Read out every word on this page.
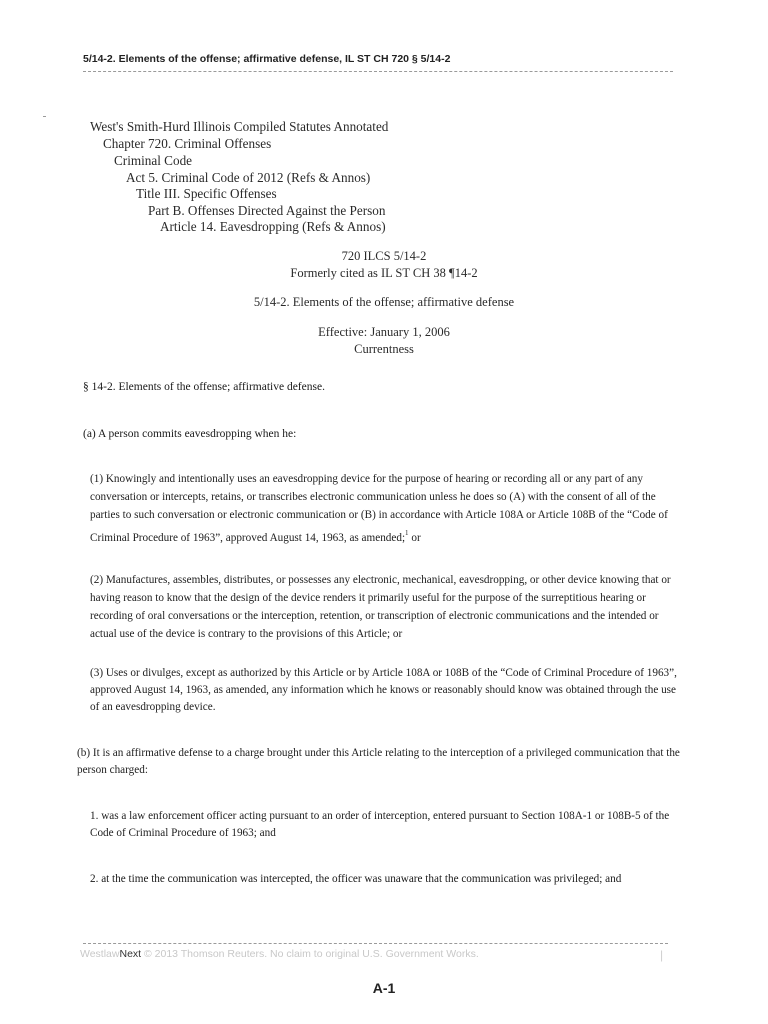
5/14-2. Elements of the offense; affirmative defense, IL ST CH 720 § 5/14-2
West's Smith-Hurd Illinois Compiled Statutes Annotated
Chapter 720. Criminal Offenses
Criminal Code
Act 5. Criminal Code of 2012 (Refs & Annos)
Title III. Specific Offenses
Part B. Offenses Directed Against the Person
Article 14. Eavesdropping (Refs & Annos)
720 ILCS 5/14-2
Formerly cited as IL ST CH 38 ¶14-2
5/14-2. Elements of the offense; affirmative defense
Effective: January 1, 2006
Currentness
§ 14-2. Elements of the offense; affirmative defense.
(a) A person commits eavesdropping when he:
(1) Knowingly and intentionally uses an eavesdropping device for the purpose of hearing or recording all or any part of any conversation or intercepts, retains, or transcribes electronic communication unless he does so (A) with the consent of all of the parties to such conversation or electronic communication or (B) in accordance with Article 108A or Article 108B of the “Code of Criminal Procedure of 1963”, approved August 14, 1963, as amended;$^1$ or
(2) Manufactures, assembles, distributes, or possesses any electronic, mechanical, eavesdropping, or other device knowing that or having reason to know that the design of the device renders it primarily useful for the purpose of the surreptitious hearing or recording of oral conversations or the interception, retention, or transcription of electronic communications and the intended or actual use of the device is contrary to the provisions of this Article; or
(3) Uses or divulges, except as authorized by this Article or by Article 108A or 108B of the “Code of Criminal Procedure of 1963”, approved August 14, 1963, as amended, any information which he knows or reasonably should know was obtained through the use of an eavesdropping device.
(b) It is an affirmative defense to a charge brought under this Article relating to the interception of a privileged communication that the person charged:
1. was a law enforcement officer acting pursuant to an order of interception, entered pursuant to Section 108A-1 or 108B-5 of the Code of Criminal Procedure of 1963; and
2. at the time the communication was intercepted, the officer was unaware that the communication was privileged; and
WestlawNext © 2013 Thomson Reuters. No claim to original U.S. Government Works.	|
A-1
